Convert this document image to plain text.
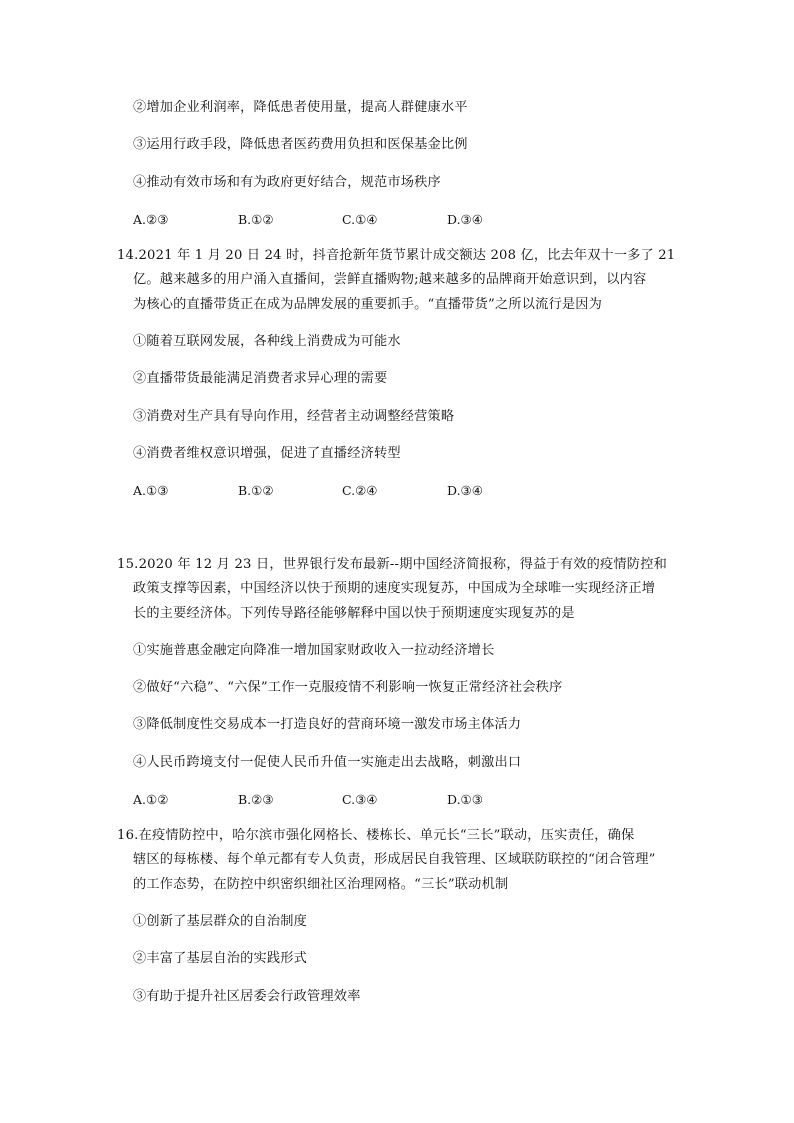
②增加企业利润率，降低患者使用量，提高人群健康水平
③运用行政手段，降低患者医药费用负担和医保基金比例
④推动有效市场和有为政府更好结合，规范市场秩序
A.②③	B.①②	C.①④	D.③④
14.2021 年 1 月 20 日 24 时，抖音抢新年货节累计成交额达 208 亿，比去年双十一多了 21
亿。越来越多的用户涌入直播间，尝鲜直播购物;越来越多的品牌商开始意识到，以内容
为核心的直播带货正在成为品牌发展的重要抓手。“直播带货”之所以流行是因为
①随着互联网发展，各种线上消费成为可能水
②直播带货最能满足消费者求异心理的需要
③消费对生产具有导向作用，经营者主动调整经营策略
④消费者维权意识增强，促进了直播经济转型
A.①③	B.①②	C.②④	D.③④
15.2020 年 12 月 23 日，世界银行发布最新--期中国经济简报称，得益于有效的疫情防控和
政策支撑等因素，中国经济以快于预期的速度实现复苏，中国成为全球唯一实现经济正增
长的主要经济体。下列传导路径能够解释中国以快于预期速度实现复苏的是
①实施普惠金融定向降准一增加国家财政收入一拉动经济增长
②做好“六稳”、“六保”工作一克服疫情不利影响一恢复正常经济社会秩序
③降低制度性交易成本一打造良好的营商环境一激发市场主体活力
④人民币跨境支付一促使人民币升值一实施走出去战略，刺激出口
A.①②	B.②③	C.③④	D.①③
16.在疫情防控中，哈尔滨市强化网格长、楼栋长、单元长“三长”联动，压实责任，确保
辖区的每栋楼、每个单元都有专人负责，形成居民自我管理、区域联防联控的“闭合管理”
的工作态势，在防控中织密织细社区治理网格。“三长”联动机制
①创新了基层群众的自治制度
②丰富了基层自治的实践形式
③有助于提升社区居委会行政管理效率
